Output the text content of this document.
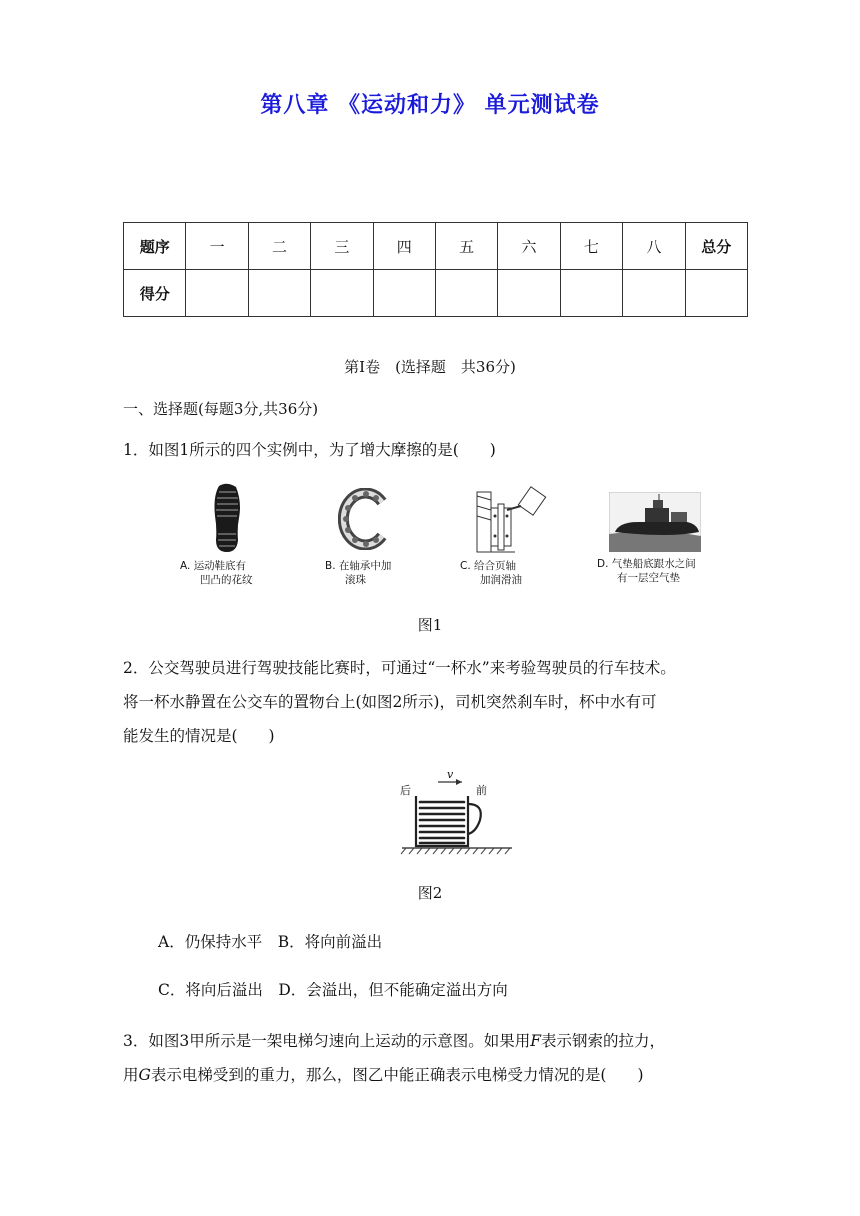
第八章 《运动和力》 单元测试卷
题序	一	二	三	四	五	六	七	八	总分
得分									
第Ⅰ卷　(选择题　共36分)
一、选择题(每题3分,共36分)
1．如图1所示的四个实例中，为了增大摩擦的是(　　)
A. 运动鞋底有
凹凸的花纹
B. 在轴承中加
滚珠
C. 给合页轴
加润滑油
D. 气垫船底跟水之间
有一层空气垫
图1
2．公交驾驶员进行驾驶技能比赛时，可通过“一杯水”来考验驾驶员的行车技术。
将一杯水静置在公交车的置物台上(如图2所示)，司机突然刹车时，杯中水有可
能发生的情况是(　　)
后	前
v
图2
A．仍保持水平　B．将向前溢出
C．将向后溢出　D．会溢出，但不能确定溢出方向
3．如图3甲所示是一架电梯匀速向上运动的示意图。如果用F表示钢索的拉力，
用G表示电梯受到的重力，那么，图乙中能正确表示电梯受力情况的是(　　)
